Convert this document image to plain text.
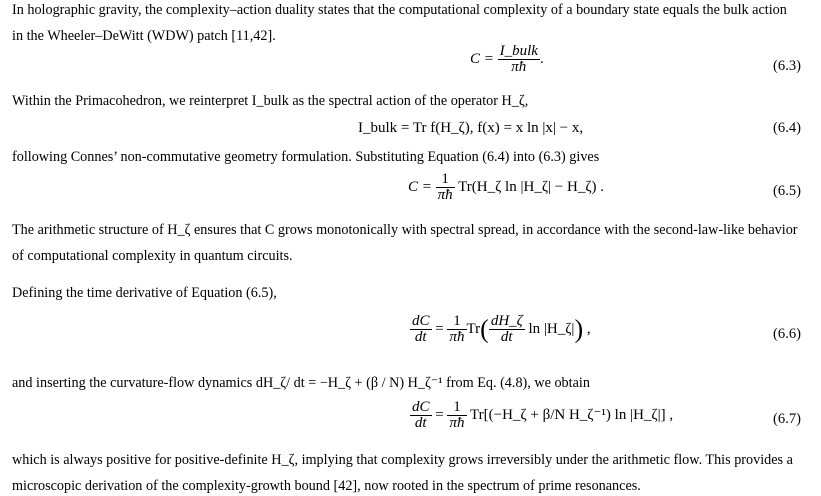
In holographic gravity, the complexity–action duality states that the computational complexity of a boundary state equals the bulk action
in the Wheeler–DeWitt (WDW) patch [11,42].
$C = \frac{\text{I\_bulk}}{\pi ħ}$ .	(6.3)
Within the Primacohedron, we reinterpret I_bulk as the spectral action of the operator H_ζ,
I_bulk = Tr f(H_ζ), f(x) = x ln |x| − x,	(6.4)
following Connes’ non-commutative geometry formulation. Substituting Equation (6.4) into (6.3) gives
$C = \frac{1}{\pi ħ}$ Tr(H_ζ ln |H_ζ| − H_ζ) .	(6.5)
The arithmetic structure of H_ζ ensures that C grows monotonically with spectral spread, in accordance with the second-law-like behavior
of computational complexity in quantum circuits.
Defining the time derivative of Equation (6.5),
$\frac{dC}{dt} = \frac{1}{\pi ħ} Tr( \frac{dH\_\zeta}{dt}$ ln |H_ζ|) ,	(6.6)
and inserting the curvature-flow dynamics dH_ζ/ dt = −H_ζ + (β / N) H_ζ⁻¹ from Eq. (4.8), we obtain
$\frac{dC}{dt} = \frac{1}{\pi ħ}$ Tr[(−H_ζ + β/N H_ζ⁻¹) ln |H_ζ|] ,	(6.7)
which is always positive for positive-definite H_ζ, implying that complexity grows irreversibly under the arithmetic flow. This provides a
microscopic derivation of the complexity-growth bound [42], now rooted in the spectrum of prime resonances.
